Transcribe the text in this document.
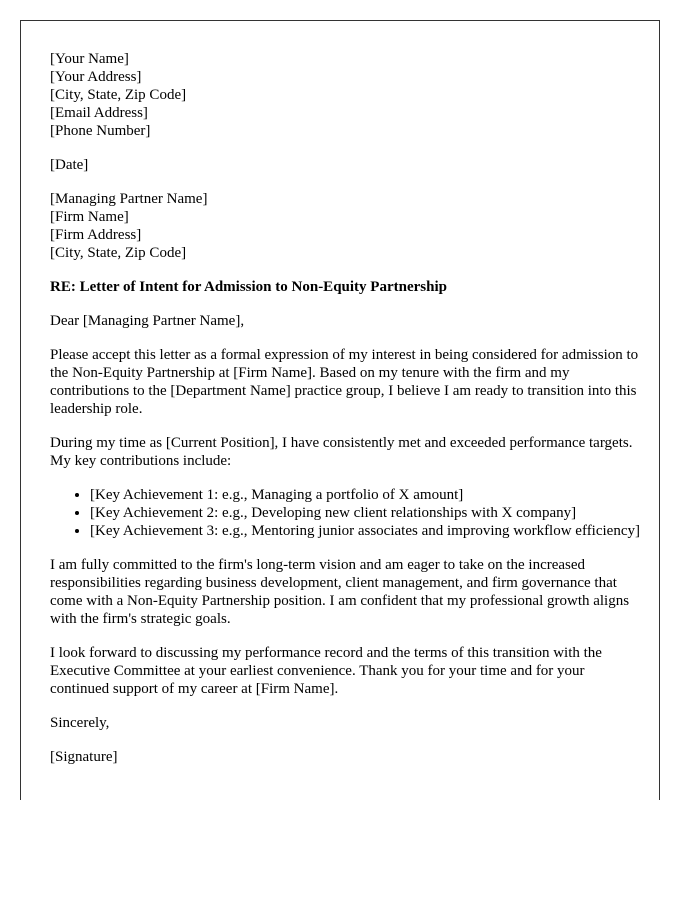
[Your Name]
[Your Address]
[City, State, Zip Code]
[Email Address]
[Phone Number]

[Date]

[Managing Partner Name]
[Firm Name]
[Firm Address]
[City, State, Zip Code]

RE: Letter of Intent for Admission to Non-Equity Partnership

Dear [Managing Partner Name],

Please accept this letter as a formal expression of my interest in being considered for admission to the Non-Equity Partnership at [Firm Name]. Based on my tenure with the firm and my contributions to the [Department Name] practice group, I believe I am ready to transition into this leadership role.

During my time as [Current Position], I have consistently met and exceeded performance targets. My key contributions include:

• [Key Achievement 1: e.g., Managing a portfolio of X amount]
• [Key Achievement 2: e.g., Developing new client relationships with X company]
• [Key Achievement 3: e.g., Mentoring junior associates and improving workflow efficiency]

I am fully committed to the firm's long-term vision and am eager to take on the increased responsibilities regarding business development, client management, and firm governance that come with a Non-Equity Partnership position. I am confident that my professional growth aligns with the firm's strategic goals.

I look forward to discussing my performance record and the terms of this transition with the Executive Committee at your earliest convenience. Thank you for your time and for your continued support of my career at [Firm Name].

Sincerely,

[Signature]
